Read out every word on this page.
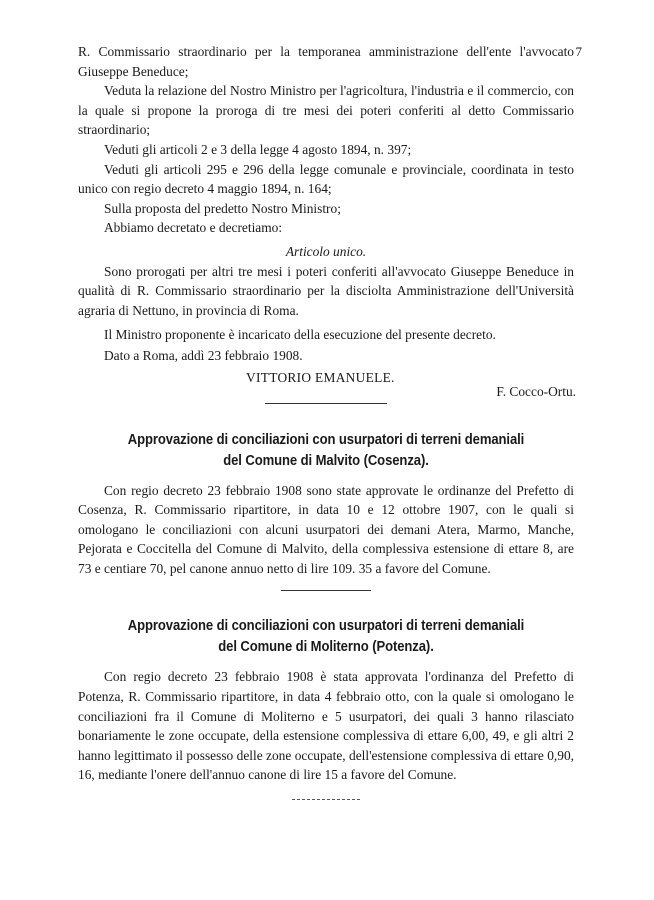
7

R. Commissario straordinario per la temporanea amministrazione dell'ente l'avvocato Giuseppe Beneduce;

Veduta la relazione del Nostro Ministro per l'agricoltura, l'industria e il commercio, con la quale si propone la proroga di tre mesi dei poteri conferiti al detto Commissario straordinario;

Veduti gli articoli 2 e 3 della legge 4 agosto 1894, n. 397;

Veduti gli articoli 295 e 296 della legge comunale e provinciale, coordinata in testo unico con regio decreto 4 maggio 1894, n. 164;

Sulla proposta del predetto Nostro Ministro;

Abbiamo decretato e decretiamo:

Articolo unico.

Sono prorogati per altri tre mesi i poteri conferiti all'avvocato Giuseppe Beneduce in qualità di R. Commissario straordinario per la disciolta Amministrazione dell'Università agraria di Nettuno, in provincia di Roma.

Il Ministro proponente è incaricato della esecuzione del presente decreto.

Dato a Roma, addì 23 febbraio 1908.

VITTORIO EMANUELE.
F. Cocco-Ortu.

Approvazione di conciliazioni con usurpatori di terreni demaniali

del Comune di Malvito (Cosenza).

Con regio decreto 23 febbraio 1908 sono state approvate le ordinanze del Prefetto di Cosenza, R. Commissario ripartitore, in data 10 e 12 ottobre 1907, con le quali si omologano le conciliazioni con alcuni usurpatori dei demani Atera, Marmo, Manche, Pejorata e Coccitella del Comune di Malvito, della complessiva estensione di ettare 8, are 73 e centiare 70, pel canone annuo netto di lire 109. 35 a favore del Comune.

Approvazione di conciliazioni con usurpatori di terreni demaniali

del Comune di Moliterno (Potenza).

Con regio decreto 23 febbraio 1908 è stata approvata l'ordinanza del Prefetto di Potenza, R. Commissario ripartitore, in data 4 febbraio otto, con la quale si omologano le conciliazioni fra il Comune di Moliterno e 5 usurpatori, dei quali 3 hanno rilasciato bonariamente le zone occupate, della estensione complessiva di ettare 6,00, 49, e gli altri 2 hanno legittimato il possesso delle zone occupate, dell'estensione complessiva di ettare 0,90, 16, mediante l'onere dell'annuo canone di lire 15 a favore del Comune.
